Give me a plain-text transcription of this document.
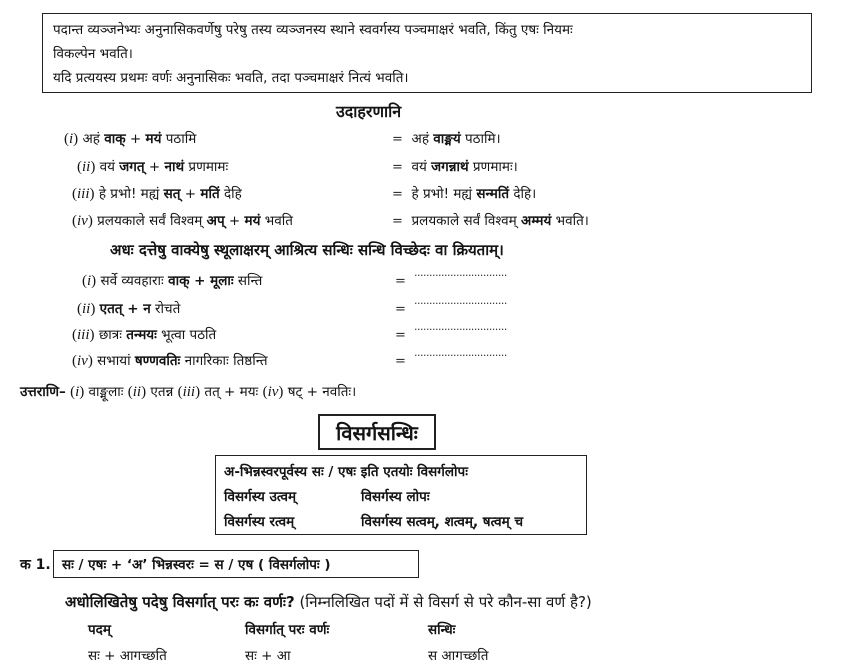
पदान्त व्यञ्जनेभ्यः अनुनासिकवर्णेषु परेषु तस्य व्यञ्जनस्य स्थाने स्ववर्गस्य पञ्चमाक्षरं भवति, किंतु एषः नियमः
विकल्पेन भवति।
यदि प्रत्ययस्य प्रथमः वर्णः अनुनासिकः भवति, तदा पञ्चमाक्षरं नित्यं भवति।
उदाहरणानि
(i) अहं वाक् + मयं पठामि	= अहं वाङ्मयं पठामि।
(ii) वयं जगत् + नाथं प्रणमामः	= वयं जगन्नाथं प्रणमामः।
(iii) हे प्रभो! मह्यं सत् + मतिं देहि	= हे प्रभो! मह्यं सन्मतिं देहि।
(iv) प्रलयकाले सर्वं विश्वम् अप् + मयं भवति	= प्रलयकाले सर्वं विश्वम् अम्मयं भवति।
अधः दत्तेषु वाक्येषु स्थूलाक्षरम् आश्रित्य सन्धिः सन्धि विच्छेदः वा क्रियताम्।
(i) सर्वे व्यवहाराः वाक् + मूलाः सन्ति	=
...............................
(ii) एतत् + न रोचते	=
...............................
(iii) छात्रः तन्मयः भूत्वा पठति	=
...............................
(iv) सभायां षण्णवतिः नागरिकाः तिष्ठन्ति	=
...............................
उत्तराणि– (i) वाङ्मूलाः (ii) एतन्न (iii) तत् + मयः (iv) षट् + नवतिः।
विसर्गसन्धिः
अ-भिन्नस्वरपूर्वस्य सः / एषः इति एतयोः विसर्गलोपः
विसर्गस्य उत्वम्	विसर्गस्य लोपः
विसर्गस्य रत्वम्	विसर्गस्य सत्वम्, शत्वम्, षत्वम् च
क 1. सः / एषः + ‘अ’ भिन्नस्वरः = स / एष ( विसर्गलोपः )
अधोलिखितेषु पदेषु विसर्गात् परः कः वर्णः? (निम्नलिखित पदों में से विसर्ग से परे कौन-सा वर्ण है?)
पदम्	विसर्गात् परः वर्णः	सन्धिः
सः + आगच्छति	सः + आ	स आगच्छति
